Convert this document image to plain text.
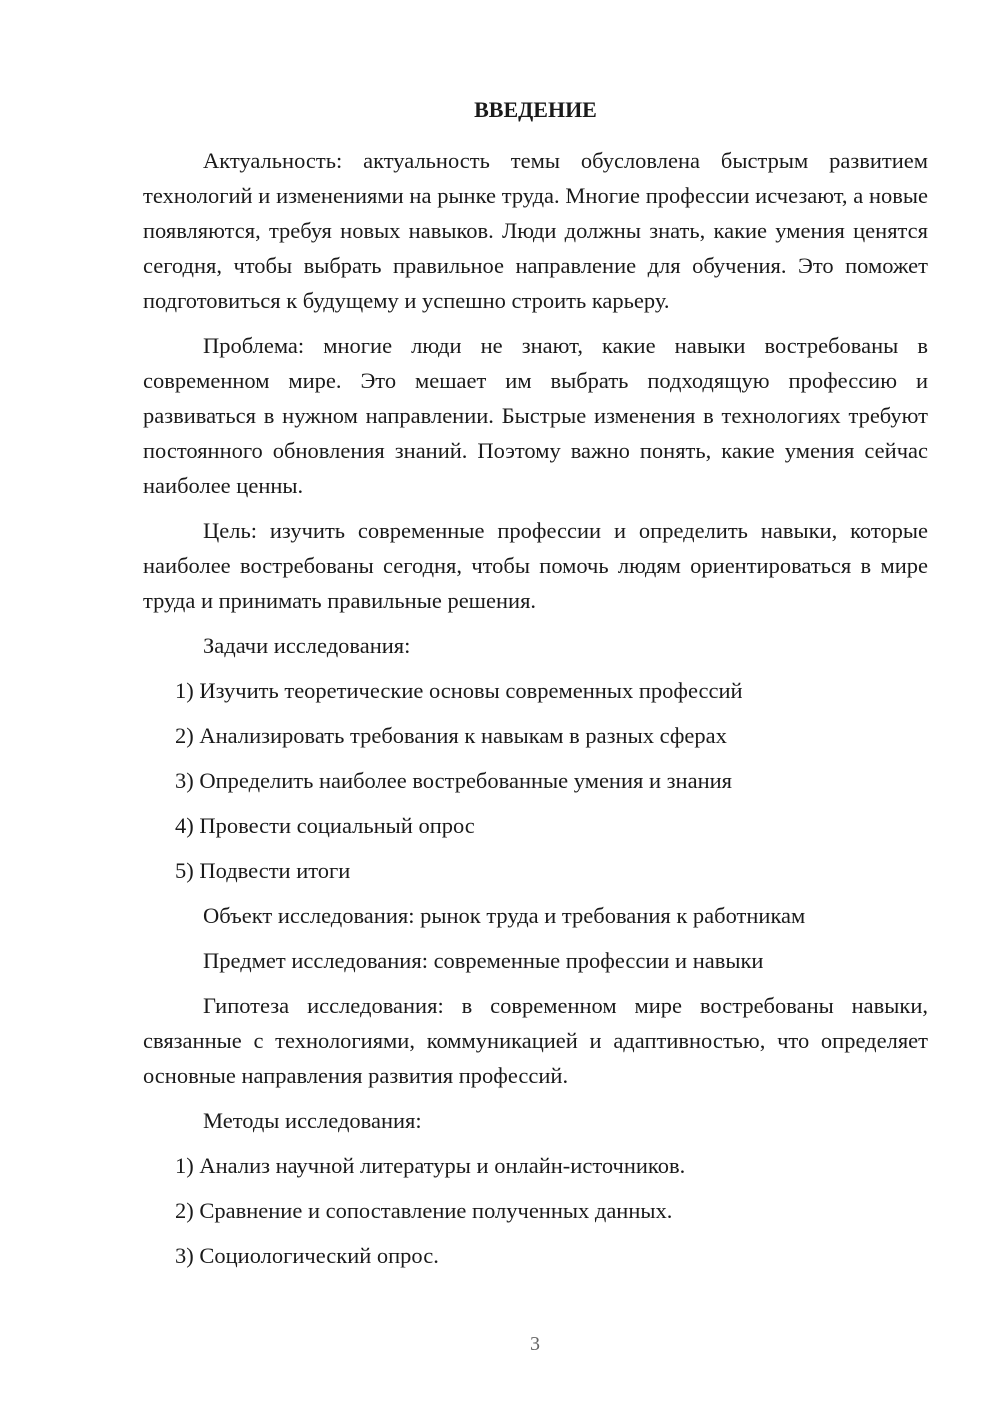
ВВЕДЕНИЕ

Актуальность: актуальность темы обусловлена быстрым развитием технологий и изменениями на рынке труда. Многие профессии исчезают, а новые появляются, требуя новых навыков. Люди должны знать, какие умения ценятся сегодня, чтобы выбрать правильное направление для обучения. Это поможет подготовиться к будущему и успешно строить карьеру.

Проблема: многие люди не знают, какие навыки востребованы в современном мире. Это мешает им выбрать подходящую профессию и развиваться в нужном направлении. Быстрые изменения в технологиях требуют постоянного обновления знаний. Поэтому важно понять, какие умения сейчас наиболее ценны.

Цель: изучить современные профессии и определить навыки, которые наиболее востребованы сегодня, чтобы помочь людям ориентироваться в мире труда и принимать правильные решения.

Задачи исследования:
1) Изучить теоретические основы современных профессий
2) Анализировать требования к навыкам в разных сферах
3) Определить наиболее востребованные умения и знания
4) Провести социальный опрос
5) Подвести итоги
Объект исследования: рынок труда и требования к работникам
Предмет исследования: современные профессии и навыки

Гипотеза исследования: в современном мире востребованы навыки, связанные с технологиями, коммуникацией и адаптивностью, что определяет основные направления развития профессий.

Методы исследования:
1) Анализ научной литературы и онлайн-источников.
2) Сравнение и сопоставление полученных данных.
3) Социологический опрос.
3
